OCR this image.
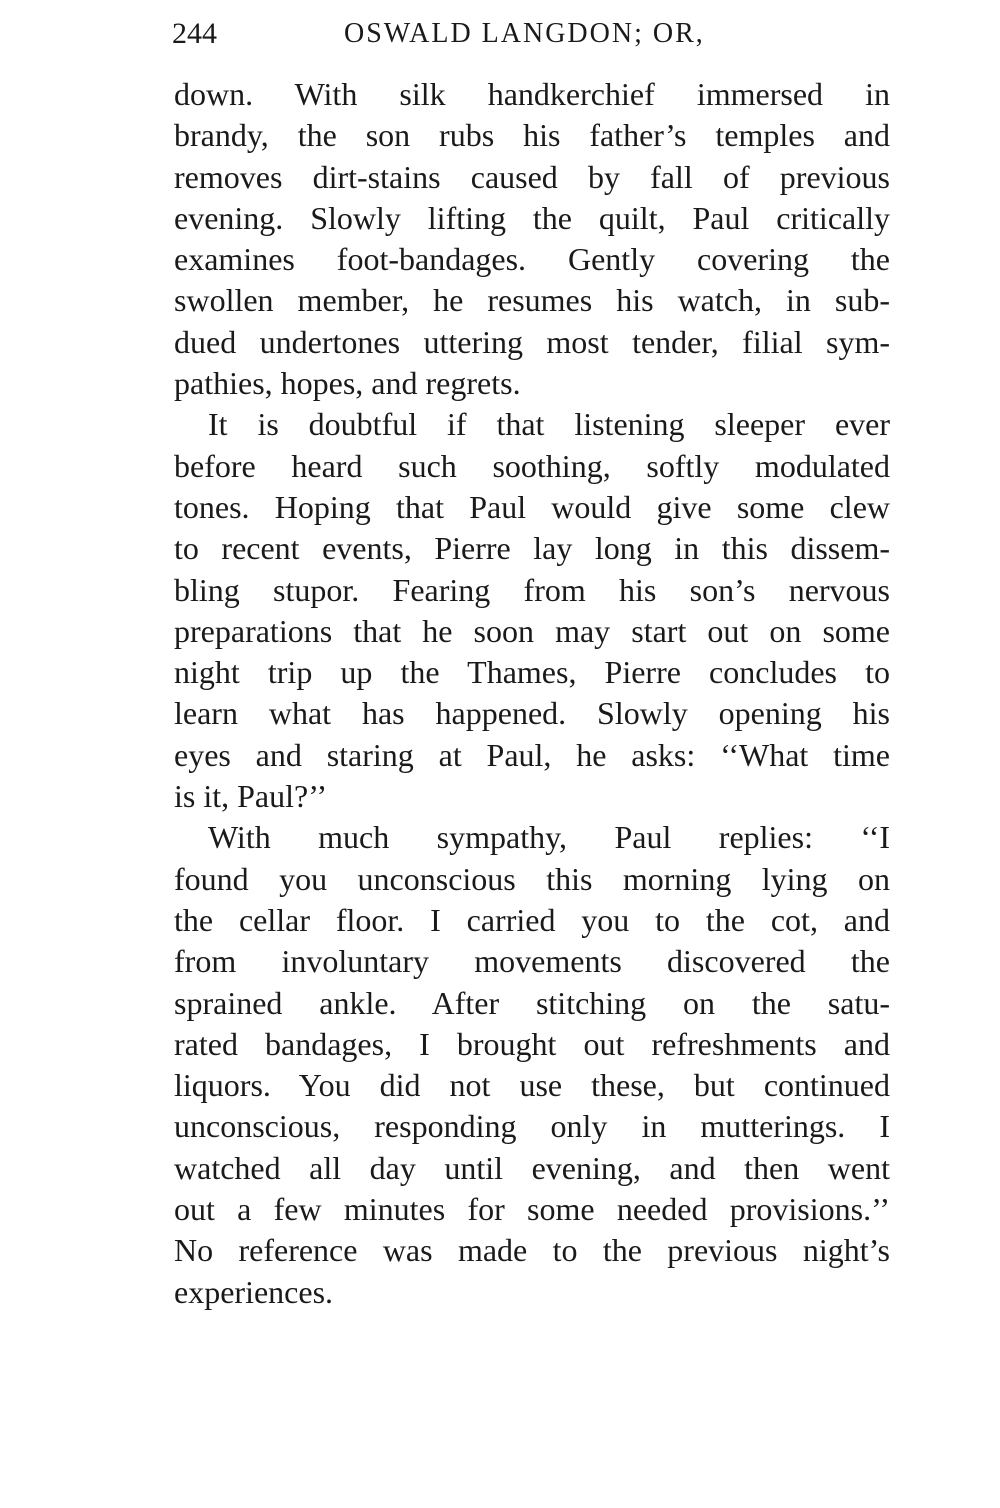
244	OSWALD LANGDON; OR,
down. With silk handkerchief immersed in
brandy, the son rubs his father’s temples and
removes dirt-stains caused by fall of previous
evening. Slowly lifting the quilt, Paul critically
examines foot-bandages. Gently covering the
swollen member, he resumes his watch, in sub-
dued undertones uttering most tender, filial sym-
pathies, hopes, and regrets.
It is doubtful if that listening sleeper ever
before heard such soothing, softly modulated
tones. Hoping that Paul would give some clew
to recent events, Pierre lay long in this dissem-
bling stupor. Fearing from his son’s nervous
preparations that he soon may start out on some
night trip up the Thames, Pierre concludes to
learn what has happened. Slowly opening his
eyes and staring at Paul, he asks: ‘‘What time
is it, Paul?’’
With much sympathy, Paul replies: ‘‘I
found you unconscious this morning lying on
the cellar floor. I carried you to the cot, and
from involuntary movements discovered the
sprained ankle. After stitching on the satu-
rated bandages, I brought out refreshments and
liquors. You did not use these, but continued
unconscious, responding only in mutterings. I
watched all day until evening, and then went
out a few minutes for some needed provisions.’’
No reference was made to the previous night’s
experiences.
